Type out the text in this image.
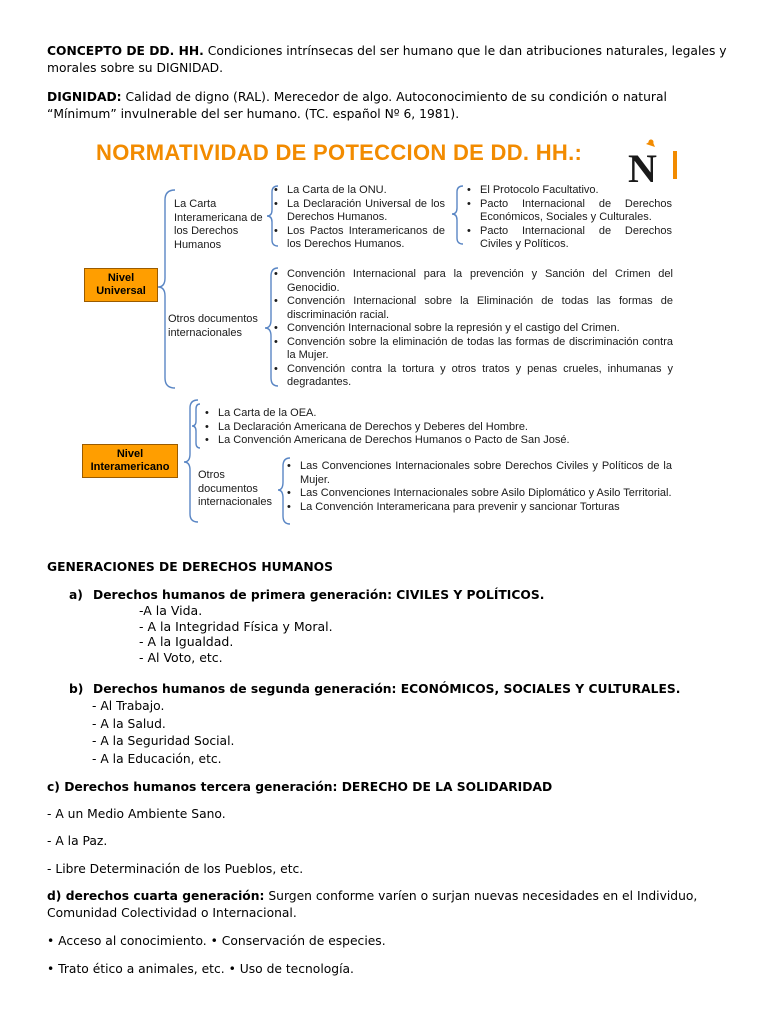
CONCEPTO DE DD. HH. Condiciones intrínsecas del ser humano que le dan atribuciones naturales, legales y morales sobre su DIGNIDAD.
DIGNIDAD: Calidad de digno (RAL). Merecedor de algo. Autoconocimiento de su condición o natural “Mínimum” invulnerable del ser humano. (TC. español Nº 6, 1981).
NORMATIVIDAD DE POTECCION DE DD. HH.: N
Nivel
Universal
La Carta Interamericana de los Derechos Humanos
• La Carta de la ONU.
• La Declaración Universal de los Derechos Humanos.
• Los Pactos Interamericanos de los Derechos Humanos.
• El Protocolo Facultativo.
• Pacto Internacional de Derechos Económicos, Sociales y Culturales.
• Pacto Internacional de Derechos Civiles y Políticos.
Otros documentos internacionales
• Convención Internacional para la prevención y Sanción del Crimen del Genocidio.
• Convención Internacional sobre la Eliminación de todas las formas de discriminación racial.
• Convención Internacional sobre la represión y el castigo del Crimen.
• Convención sobre la eliminación de todas las formas de discriminación contra la Mujer.
• Convención contra la tortura y otros tratos y penas crueles, inhumanas y degradantes.
Nivel
Interamericano
• La Carta de la OEA.
• La Declaración Americana de Derechos y Deberes del Hombre.
• La Convención Americana de Derechos Humanos o Pacto de San José.
Otros documentos internacionales
• Las Convenciones Internacionales sobre Derechos Civiles y Políticos de la Mujer.
• Las Convenciones Internacionales sobre Asilo Diplomático y Asilo Territorial.
• La Convención Interamericana para prevenir y sancionar Torturas
GENERACIONES DE DERECHOS HUMANOS
a) Derechos humanos de primera generación: CIVILES Y POLÍTICOS.
-A la Vida.
- A la Integridad Física y Moral.
- A la Igualdad.
- Al Voto, etc.
b) Derechos humanos de segunda generación: ECONÓMICOS, SOCIALES Y CULTURALES.
- Al Trabajo.
- A la Salud.
- A la Seguridad Social.
- A la Educación, etc.
c) Derechos humanos tercera generación: DERECHO DE LA SOLIDARIDAD
- A un Medio Ambiente Sano.
- A la Paz.
- Libre Determinación de los Pueblos, etc.
d) derechos cuarta generación: Surgen conforme varíen o surjan nuevas necesidades en el Individuo, Comunidad Colectividad o Internacional.
• Acceso al conocimiento. • Conservación de especies.
• Trato ético a animales, etc. • Uso de tecnología.
